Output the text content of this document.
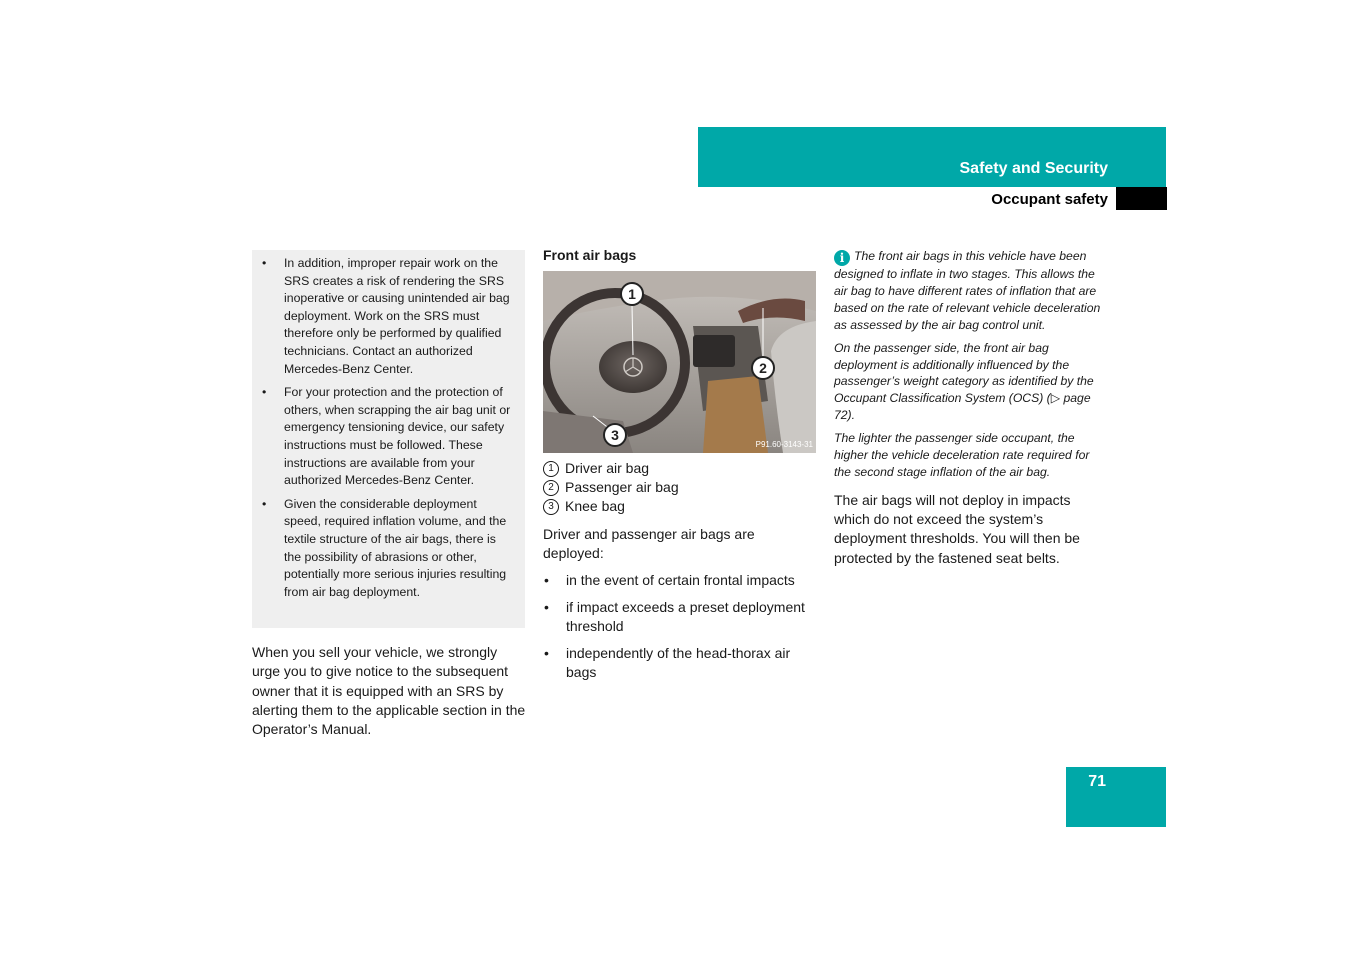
Safety and Security
Occupant safety
• In addition, improper repair work on the SRS creates a risk of rendering the SRS inoperative or causing unintended air bag deployment. Work on the SRS must therefore only be performed by qualified technicians. Contact an authorized Mercedes-Benz Center.
• For your protection and the protection of others, when scrapping the air bag unit or emergency tensioning device, our safety instructions must be followed. These instructions are available from your authorized Mercedes-Benz Center.
• Given the considerable deployment speed, required inflation volume, and the textile structure of the air bags, there is the possibility of abrasions or other, potentially more serious injuries resulting from air bag deployment.

When you sell your vehicle, we strongly urge you to give notice to the subsequent owner that it is equipped with an SRS by alerting them to the applicable section in the Operator’s Manual.

Front air bags
1
2
3
P91.60-3143-31
1 Driver air bag
2 Passenger air bag
3 Knee bag

Driver and passenger air bags are deployed:

• in the event of certain frontal impacts
• if impact exceeds a preset deployment threshold
• independently of the head-thorax air bags

i The front air bags in this vehicle have been designed to inflate in two stages. This allows the air bag to have different rates of inflation that are based on the rate of relevant vehicle deceleration as assessed by the air bag control unit.

On the passenger side, the front air bag deployment is additionally influenced by the passenger’s weight category as identified by the Occupant Classification System (OCS) (▷ page 72).

The lighter the passenger side occupant, the higher the vehicle deceleration rate required for the second stage inflation of the air bag.

The air bags will not deploy in impacts which do not exceed the system’s deployment thresholds. You will then be protected by the fastened seat belts.

71
